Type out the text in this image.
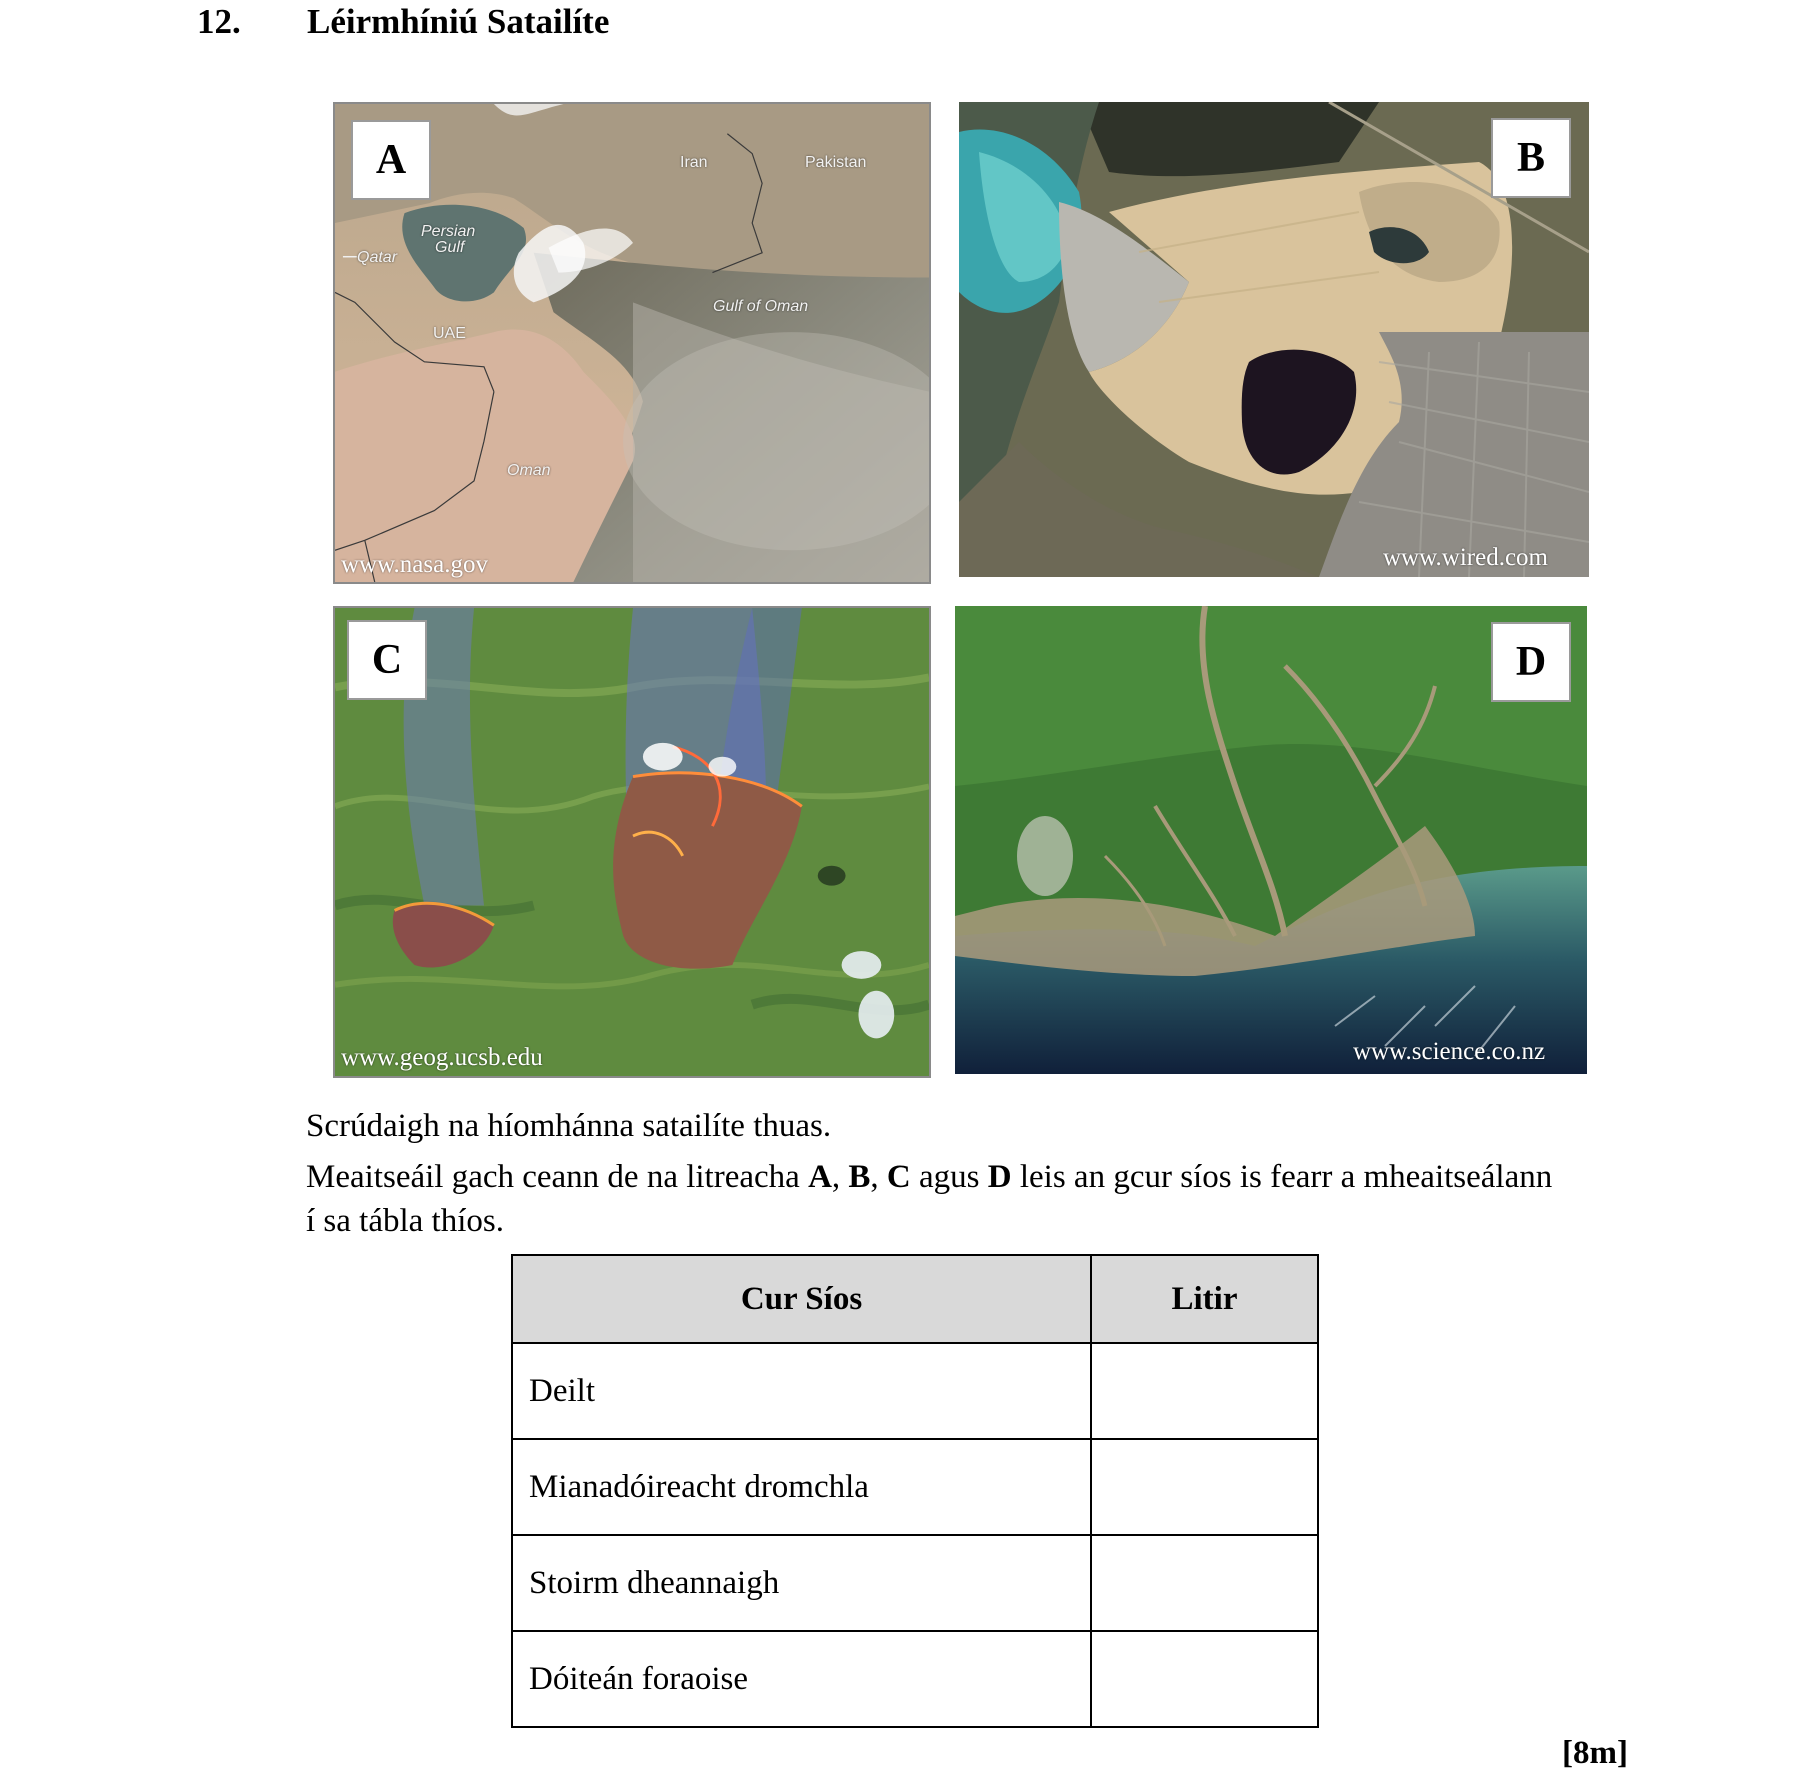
12. Léirmhíniú Satailíte
A	Iran	Pakistan
Persian
Gulf
Qatar
Gulf of Oman
UAE
Oman
www.nasa.gov
B
www.wired.com
C
www.geog.ucsb.edu
D
www.science.co.nz
Scrúdaigh na híomhánna satailíte thuas.
Meaitseáil gach ceann de na litreacha A, B, C agus D leis an gcur síos is fearr a mheaitseálann í sa tábla thíos.
Cur Síos	Litir
Deilt	
Mianadóireacht dromchla	
Stoirm dheannaigh	
Dóiteán foraoise	
[8m]
